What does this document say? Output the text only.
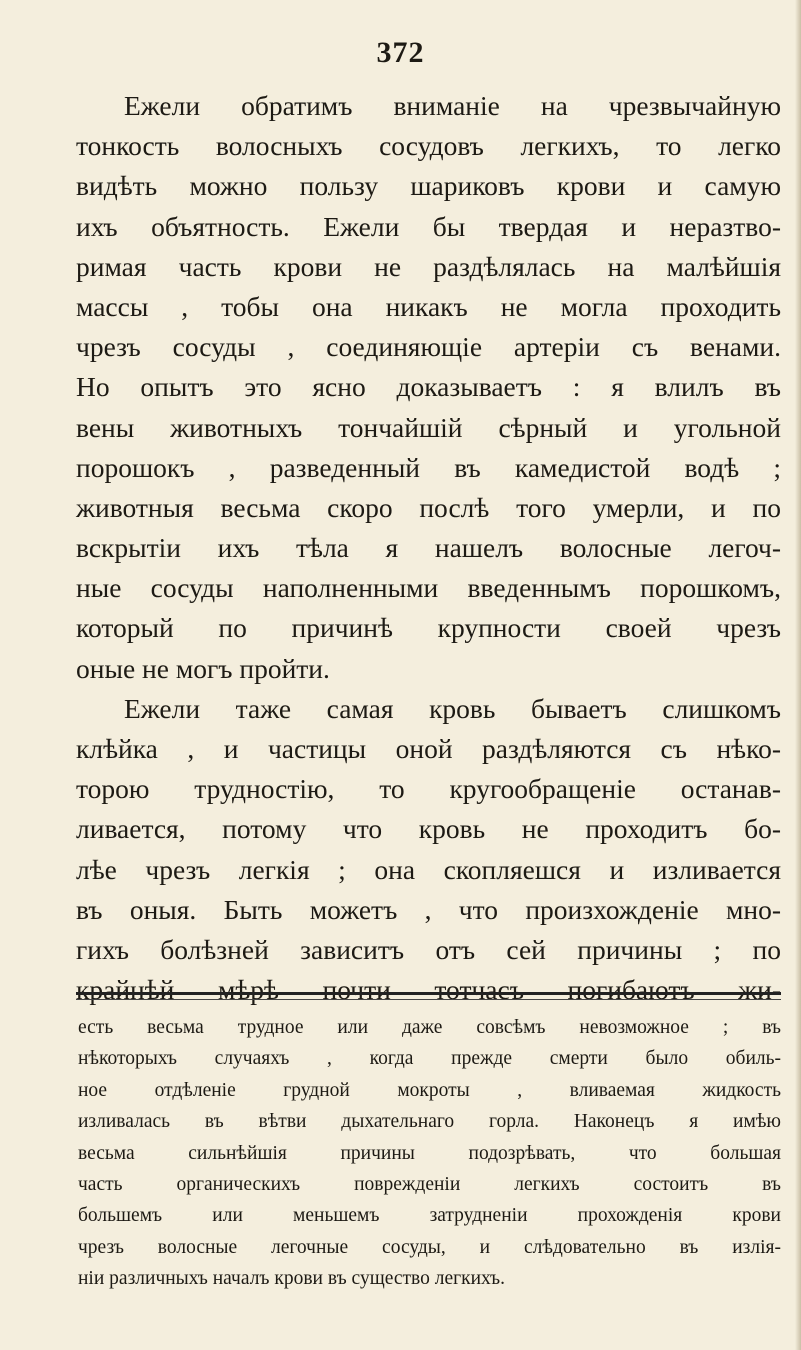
372
Ежели обратимъ вниманіе на чрезвычайную
тонкость волосныхъ сосудовъ легкихъ, то легко
видѣть можно пользу шариковъ крови и самую
ихъ объятность. Ежели бы твердая и неразтво-
римая часть крови не раздѣлялась на малѣйшія
массы , тобы она никакъ не могла проходить
чрезъ сосуды , соединяющіе артеріи съ венами.
Но опытъ это ясно доказываетъ : я влилъ въ
вены животныхъ тончайшій сѣрный и угольной
порошокъ , разведенный въ камедистой водѣ ;
животныя весьма скоро послѣ того умерли, и по
вскрытіи ихъ тѣла я нашелъ волосные легоч-
ные сосуды наполненными введеннымъ порошкомъ,
который по причинѣ крупности своей чрезъ
оные не могъ пройти.
Ежели таже самая кровь бываетъ слишкомъ
клѣйка , и частицы оной раздѣляются съ нѣко-
торою трудностію, то кругообращеніе останав-
ливается, потому что кровь не проходитъ бо-
лѣе чрезъ легкія ; она скопляешся и изливается
въ оныя. Быть можетъ , что произхожденіе мно-
гихъ болѣзней зависитъ отъ сей причины ; по
крайнѣй мѣрѣ почти тотчасъ погибаютъ жи-
есть весьма трудное или даже совсѣмъ невозможное ; въ
нѣкоторыхъ случаяхъ , когда прежде смерти было обиль-
ное отдѣленіе грудной мокроты , вливаемая жидкость
изливалась въ вѣтви дыхательнаго горла. Наконецъ я имѣю
весьма сильнѣйшія причины подозрѣвать, что большая
часть органическихъ поврежденіи легкихъ состоитъ въ
большемъ или меньшемъ затрудненіи прохожденія крови
чрезъ волосные легочные сосуды, и слѣдовательно въ излія-
ніи различныхъ началъ крови въ существо легкихъ.
